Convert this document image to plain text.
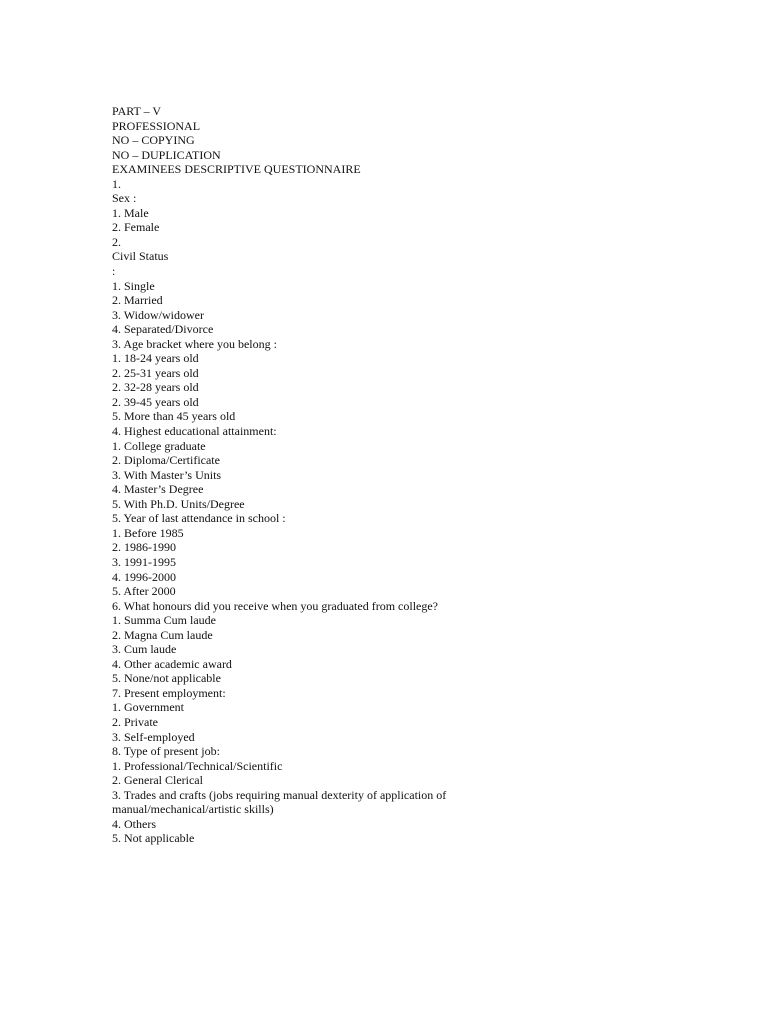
PART – V
PROFESSIONAL
NO – COPYING
NO – DUPLICATION
EXAMINEES DESCRIPTIVE QUESTIONNAIRE
1.
Sex :
1. Male
2. Female
2.
Civil Status
:
1. Single
2. Married
3. Widow/widower
4. Separated/Divorce
3. Age bracket where you belong :
1. 18-24 years old
2. 25-31 years old
2. 32-28 years old
2. 39-45 years old
5. More than 45 years old
4. Highest educational attainment:
1. College graduate
2. Diploma/Certificate
3. With Master’s Units
4. Master’s Degree
5. With Ph.D. Units/Degree
5. Year of last attendance in school :
1. Before 1985
2. 1986-1990
3. 1991-1995
4. 1996-2000
5. After 2000
6. What honours did you receive when you graduated from college?
1. Summa Cum laude
2. Magna Cum laude
3. Cum laude
4. Other academic award
5. None/not applicable
7. Present employment:
1. Government
2. Private
3. Self-employed
8. Type of present job:
1. Professional/Technical/Scientific
2. General Clerical
3. Trades and crafts (jobs requiring manual dexterity of application of
manual/mechanical/artistic skills)
4. Others
5. Not applicable
